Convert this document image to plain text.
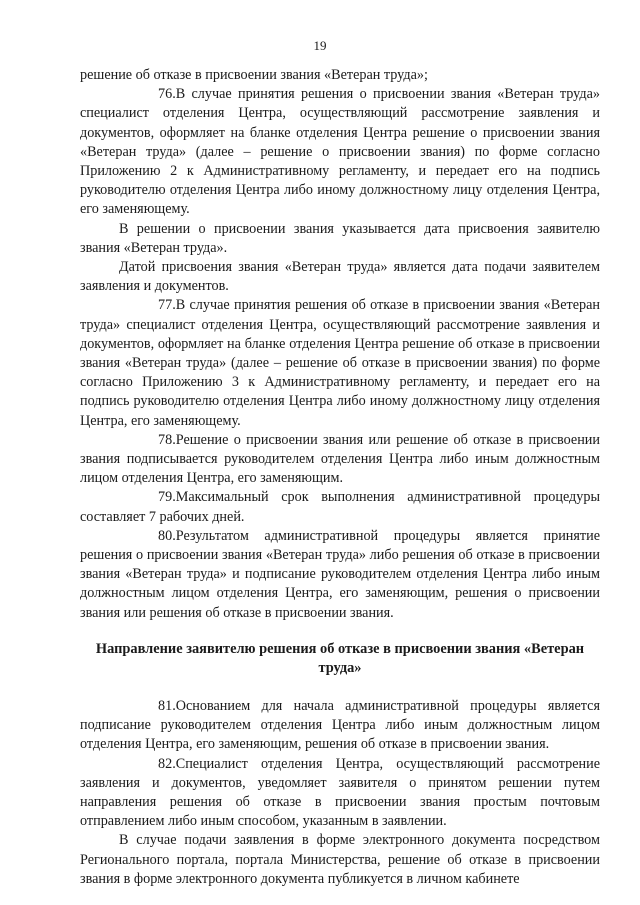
19

решение об отказе в присвоении звания «Ветеран труда»;

76.В случае принятия решения о присвоении звания «Ветеран труда» специалист отделения Центра, осуществляющий рассмотрение заявления и документов, оформляет на бланке отделения Центра решение о присвоении звания «Ветеран труда» (далее – решение о присвоении звания) по форме согласно Приложению 2 к Административному регламенту, и передает его на подпись руководителю отделения Центра либо иному должностному лицу отделения Центра, его заменяющему.

В решении о присвоении звания указывается дата присвоения заявителю звания «Ветеран труда».

Датой присвоения звания «Ветеран труда» является дата подачи заявителем заявления и документов.

77.В случае принятия решения об отказе в присвоении звания «Ветеран труда» специалист отделения Центра, осуществляющий рассмотрение заявления и документов, оформляет на бланке отделения Центра решение об отказе в присвоении звания «Ветеран труда» (далее – решение об отказе в присвоении звания) по форме согласно Приложению 3 к Административному регламенту, и передает его на подпись руководителю отделения Центра либо иному должностному лицу отделения Центра, его заменяющему.

78.Решение о присвоении звания или решение об отказе в присвоении звания подписывается руководителем отделения Центра либо иным должностным лицом отделения Центра, его заменяющим.

79.Максимальный срок выполнения административной процедуры составляет 7 рабочих дней.

80.Результатом административной процедуры является принятие решения о присвоении звания «Ветеран труда» либо решения об отказе в присвоении звания «Ветеран труда» и подписание руководителем отделения Центра либо иным должностным лицом отделения Центра, его заменяющим, решения о присвоении звания или решения об отказе в присвоении звания.

Направление заявителю решения об отказе в присвоении звания «Ветеран труда»

81.Основанием для начала административной процедуры является подписание руководителем отделения Центра либо иным должностным лицом отделения Центра, его заменяющим, решения об отказе в присвоении звания.

82.Специалист отделения Центра, осуществляющий рассмотрение заявления и документов, уведомляет заявителя о принятом решении путем направления решения об отказе в присвоении звания простым почтовым отправлением либо иным способом, указанным в заявлении.

В случае подачи заявления в форме электронного документа посредством Регионального портала, портала Министерства, решение об отказе в присвоении звания в форме электронного документа публикуется в личном кабинете
